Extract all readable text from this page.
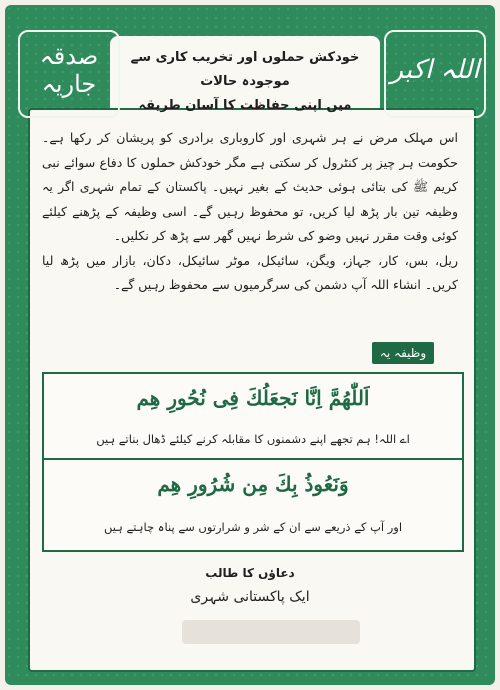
صدقہ
جاریہ	اللہ اکبر
خودکش حملوں اور تخریب کاری سے موجودہ حالات
میں اپنی حفاظت کا آسان طریقہ
اس مہلک مرض نے ہر شہری اور کاروباری برادری کو پریشان کر رکھا ہے۔ حکومت ہر چیز پر کنٹرول کر سکتی ہے مگر خودکش حملوں کا دفاع سوائے نبی کریم ﷺ کی بتائی ہوئی حدیث کے بغیر نہیں۔ پاکستان کے تمام شہری اگر یہ وظیفہ تین بار پڑھ لیا کریں، تو محفوظ رہیں گے۔ اسی وظیفہ کے پڑھنے کیلئے کوئی وقت مقرر نہیں وضو کی شرط نہیں گھر سے پڑھ کر نکلیں۔
ریل، بس، کار، جہاز، ویگن، سائیکل، موٹر سائیکل، دکان، بازار میں پڑھ لیا کریں۔ انشاء اللہ آپ دشمن کی سرگرمیوں سے محفوظ رہیں گے۔
وظیفہ یہ
اَللّٰھُمَّ اِنَّا نَجعَلُكَ فِی نُحُورِ ھِم
اے اللہ! ہم تجھے اپنے دشمنوں کا مقابلہ کرنے کیلئے ڈھال بناتے ہیں
وَنَعُوذُ بِكَ مِن شُرُورِ ھِم
اور آپ کے ذریعے سے ان کے شر و شرارتوں سے پناہ چاہتے ہیں
دعاؤں کا طالب
ایک پاکستانی شہری
